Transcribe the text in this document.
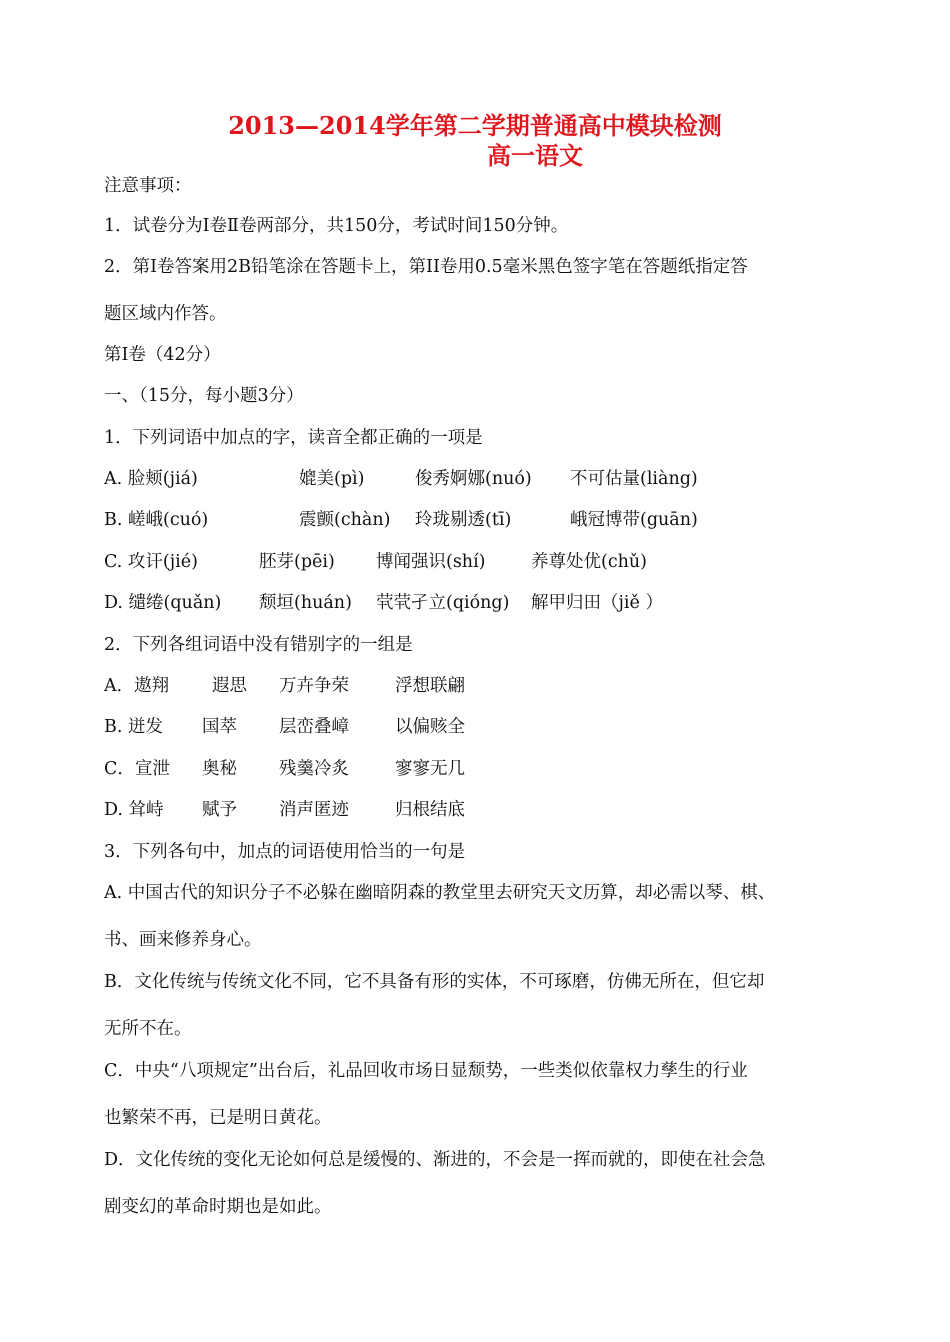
2013—2014学年第二学期普通高中模块检测
高一语文
注意事项：
1．试卷分为Ⅰ卷Ⅱ卷两部分，共150分，考试时间150分钟。
2．第Ⅰ卷答案用2B铅笔涂在答题卡上，第II卷用0.5毫米黑色签字笔在答题纸指定答
题区域内作答。
第Ⅰ卷（42分）
一、（15分，每小题3分）
1．下列词语中加点的字，读音全都正确的一项是
A. 脸颊(jiá)	媲美(pì)	俊秀婀娜(nuó) 不可估量(liàng)
B. 嵯峨(cuó)	震颤(chàn) 玲珑剔透(tī)	峨冠博带(guān)
C. 攻讦(jié)	胚芽(pēi) 博闻强识(shí)	养尊处优(chǔ)
D. 缱绻(quǎn) 颓垣(huán) 茕茕孑立(qióng) 解甲归田（jiě ）
2．下列各组词语中没有错别字的一组是
A．遨翔 遐思 万卉争荣	浮想联翩
B. 迸发 国萃 层峦叠嶂	以偏赅全
C．宣泄 奥秘 残羹冷炙	寥寥无几
D. 耸峙 赋予 消声匿迹	归根结底
3．下列各句中，加点的词语使用恰当的一句是
A. 中国古代的知识分子不必躲在幽暗阴森的教堂里去研究天文历算，却必需以琴、棋、
书、画来修养身心。
B．文化传统与传统文化不同，它不具备有形的实体，不可琢磨，仿佛无所在，但它却
无所不在。
C．中央“八项规定”出台后，礼品回收市场日显颓势，一些类似依靠权力孳生的行业
也繁荣不再，已是明日黄花。
D．文化传统的变化无论如何总是缓慢的、渐进的，不会是一挥而就的，即使在社会急
剧变幻的革命时期也是如此。
